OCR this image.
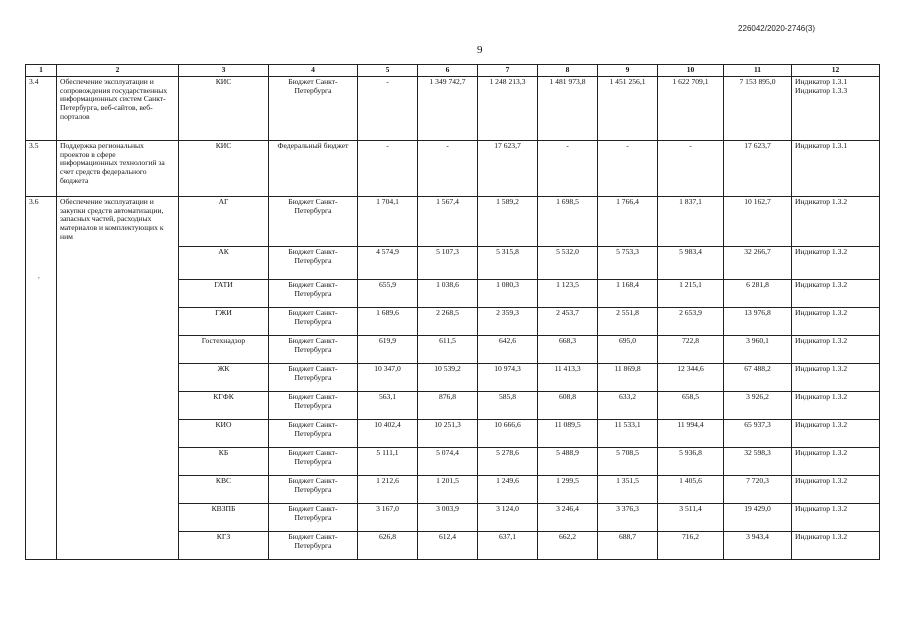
226042/2020-2746(3)
9
1	2	3	4	5	6	7	8	9	10	11	12
3.4	Обеспечение эксплуатации и сопровождения государственных информационных систем Санкт-Петербурга, веб-сайтов, веб-порталов	КИС	Бюджет Санкт-Петербурга	-	1 349 742,7	1 248 213,3	1 481 973,8	1 451 256,1	1 622 709,1	7 153 895,0	Индикатор 1.3.1
Индикатор 1.3.3

3.5	Поддержка региональных проектов в сфере информационных технологий за счет средств федерального бюджета	КИС	Федеральный бюджет	-	-	17 623,7	-	-	-	17 623,7	Индикатор 1.3.1

3.6	Обеспечение эксплуатации и закупки средств автоматизации, запасных частей, расходных материалов и комплектующих к ним	АГ	Бюджет Санкт-Петербурга	1 704,1	1 567,4	1 589,2	1 698,5	1 766,4	1 837,1	10 162,7	Индикатор 1.3.2

		АК	Бюджет Санкт-Петербурга	4 574,9	5 107,3	5 315,8	5 532,0	5 753,3	5 983,4	32 266,7	Индикатор 1.3.2

		ГАТИ	Бюджет Санкт-Петербурга	655,9	1 038,6	1 080,3	1 123,5	1 168,4	1 215,1	6 281,8	Индикатор 1.3.2

		ГЖИ	Бюджет Санкт-Петербурга	1 689,6	2 268,5	2 359,3	2 453,7	2 551,8	2 653,9	13 976,8	Индикатор 1.3.2

		Гостехнадзор	Бюджет Санкт-Петербурга	619,9	611,5	642,6	668,3	695,0	722,8	3 960,1	Индикатор 1.3.2

		ЖК	Бюджет Санкт-Петербурга	10 347,0	10 539,2	10 974,3	11 413,3	11 869,8	12 344,6	67 488,2	Индикатор 1.3.2

		КГФК	Бюджет Санкт-Петербурга	563,1	876,8	585,8	608,8	633,2	658,5	3 926,2	Индикатор 1.3.2

		КИО	Бюджет Санкт-Петербурга	10 402,4	10 251,3	10 666,6	11 089,5	11 533,1	11 994,4	65 937,3	Индикатор 1.3.2

		КБ	Бюджет Санкт-Петербурга	5 111,1	5 074,4	5 278,6	5 488,9	5 708,5	5 936,8	32 598,3	Индикатор 1.3.2

		КВС	Бюджет Санкт-Петербурга	1 212,6	1 201,5	1 249,6	1 299,5	1 351,5	1 405,6	7 720,3	Индикатор 1.3.2

		КВЗПБ	Бюджет Санкт-Петербурга	3 167,0	3 003,9	3 124,0	3 246,4	3 376,3	3 511,4	19 429,0	Индикатор 1.3.2

		КГЗ	Бюджет Санкт-Петербурга	626,8	612,4	637,1	662,2	688,7	716,2	3 943,4	Индикатор 1.3.2
,
